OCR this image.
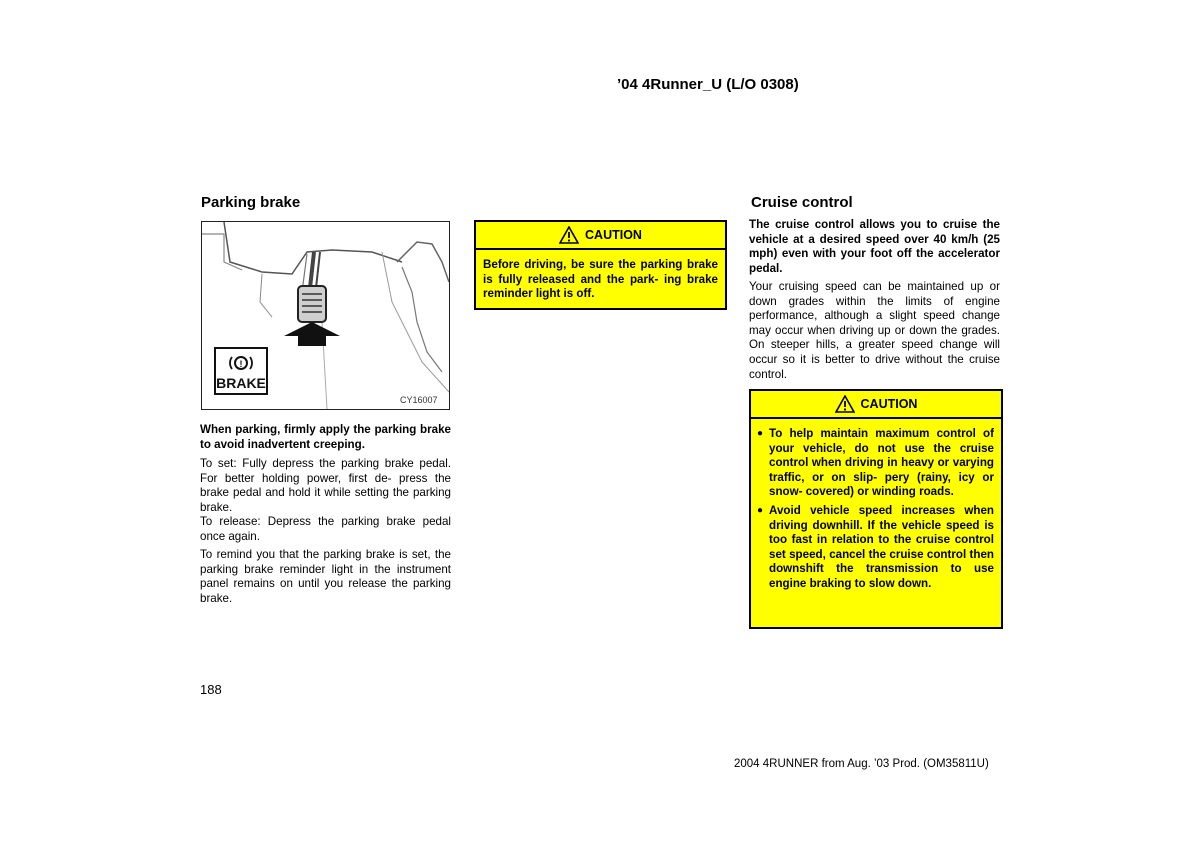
’04 4Runner_U (L/O 0308)
Parking brake
!
BRAKE
CY16007
When parking, firmly apply the parking brake to avoid inadvertent creeping.
To set: Fully depress the parking brake pedal. For better holding power, first de- press the brake pedal and hold it while setting the parking brake.
To release: Depress the parking brake pedal once again.
To remind you that the parking brake is set, the parking brake reminder light in the instrument panel remains on until you release the parking brake.
CAUTION
Before driving, be sure the parking brake is fully released and the park- ing brake reminder light is off.
Cruise control
The cruise control allows you to cruise the vehicle at a desired speed over 40 km/h (25 mph) even with your foot off the accelerator pedal.
Your cruising speed can be maintained up or down grades within the limits of engine performance, although a slight speed change may occur when driving up or down the grades. On steeper hills, a greater speed change will occur so it is better to drive without the cruise control.
CAUTION
● To help maintain maximum control of your vehicle, do not use the cruise control when driving in heavy or varying traffic, or on slip- pery (rainy, icy or snow- covered) or winding roads.
● Avoid vehicle speed increases when driving downhill. If the vehicle speed is too fast in relation to the cruise control set speed, cancel the cruise control then downshift the transmission to use engine braking to slow down.
188
2004 4RUNNER from Aug. ’03 Prod. (OM35811U)
